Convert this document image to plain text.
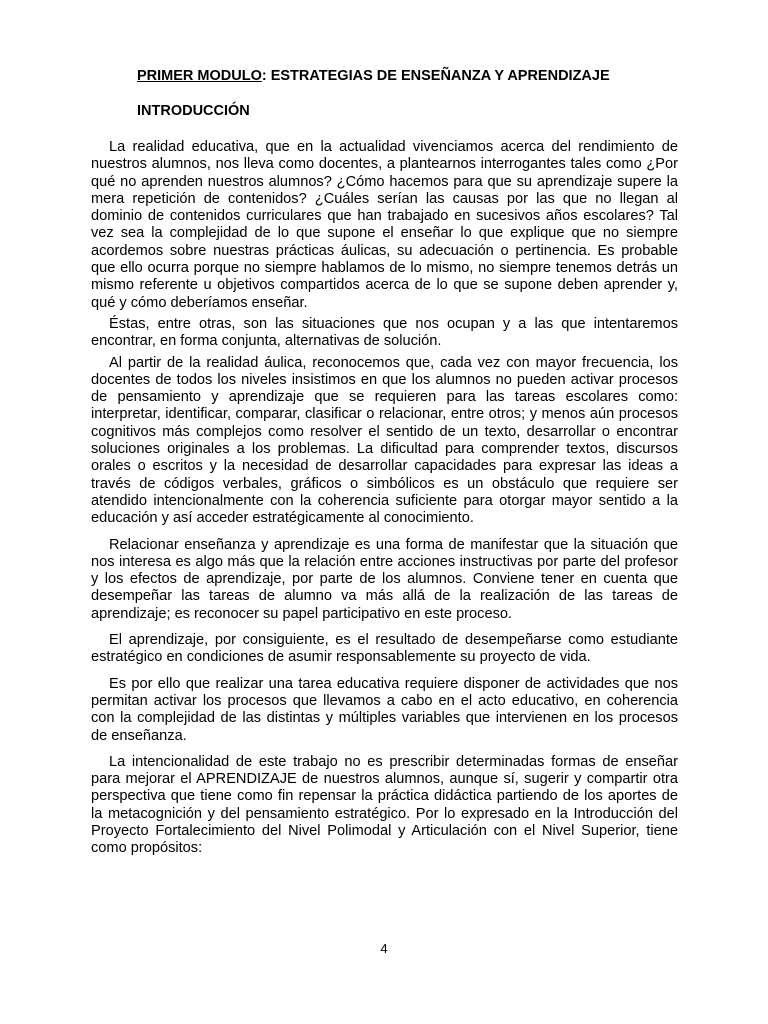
PRIMER MODULO: ESTRATEGIAS DE ENSEÑANZA Y APRENDIZAJE
INTRODUCCIÓN

La realidad educativa, que en la actualidad vivenciamos acerca del rendimiento de nuestros alumnos, nos lleva como docentes, a plantearnos interrogantes tales como ¿Por qué no aprenden nuestros alumnos? ¿Cómo hacemos para que su aprendizaje supere la mera repetición de contenidos? ¿Cuáles serían las causas por las que no llegan al dominio de contenidos curriculares que han trabajado en sucesivos años escolares? Tal vez sea la complejidad de lo que supone el enseñar lo que explique que no siempre acordemos sobre nuestras prácticas áulicas, su adecuación o pertinencia. Es probable que ello ocurra porque no siempre hablamos de lo mismo, no siempre tenemos detrás un mismo referente u objetivos compartidos acerca de lo que se supone deben aprender y, qué y cómo deberíamos enseñar.

Éstas, entre otras, son las situaciones que nos ocupan y a las que intentaremos encontrar, en forma conjunta, alternativas de solución.

Al partir de la realidad áulica, reconocemos que, cada vez con mayor frecuencia, los docentes de todos los niveles insistimos en que los alumnos no pueden activar procesos de pensamiento y aprendizaje que se requieren para las tareas escolares como: interpretar, identificar, comparar, clasificar o relacionar, entre otros; y menos aún procesos cognitivos más complejos como resolver el sentido de un texto, desarrollar o encontrar soluciones originales a los problemas. La dificultad para comprender textos, discursos orales o escritos y la necesidad de desarrollar capacidades para expresar las ideas a través de códigos verbales, gráficos o simbólicos es un obstáculo que requiere ser atendido intencionalmente con la coherencia suficiente para otorgar mayor sentido a la educación y así acceder estratégicamente al conocimiento.

Relacionar enseñanza y aprendizaje es una forma de manifestar que la situación que nos interesa es algo más que la relación entre acciones instructivas por parte del profesor y los efectos de aprendizaje, por parte de los alumnos. Conviene tener en cuenta que desempeñar las tareas de alumno va más allá de la realización de las tareas de aprendizaje; es reconocer su papel participativo en este proceso.

El aprendizaje, por consiguiente, es el resultado de desempeñarse como estudiante estratégico en condiciones de asumir responsablemente su proyecto de vida.

Es por ello que realizar una tarea educativa requiere disponer de actividades que nos permitan activar los procesos que llevamos a cabo en el acto educativo, en coherencia con la complejidad de las distintas y múltiples variables que intervienen en los procesos de enseñanza.

La intencionalidad de este trabajo no es prescribir determinadas formas de enseñar para mejorar el APRENDIZAJE de nuestros alumnos, aunque sí, sugerir y compartir otra perspectiva que tiene como fin repensar la práctica didáctica partiendo de los aportes de la metacognición y del pensamiento estratégico. Por lo expresado en la Introducción del Proyecto Fortalecimiento del Nivel Polimodal y Articulación con el Nivel Superior, tiene como propósitos:

4
